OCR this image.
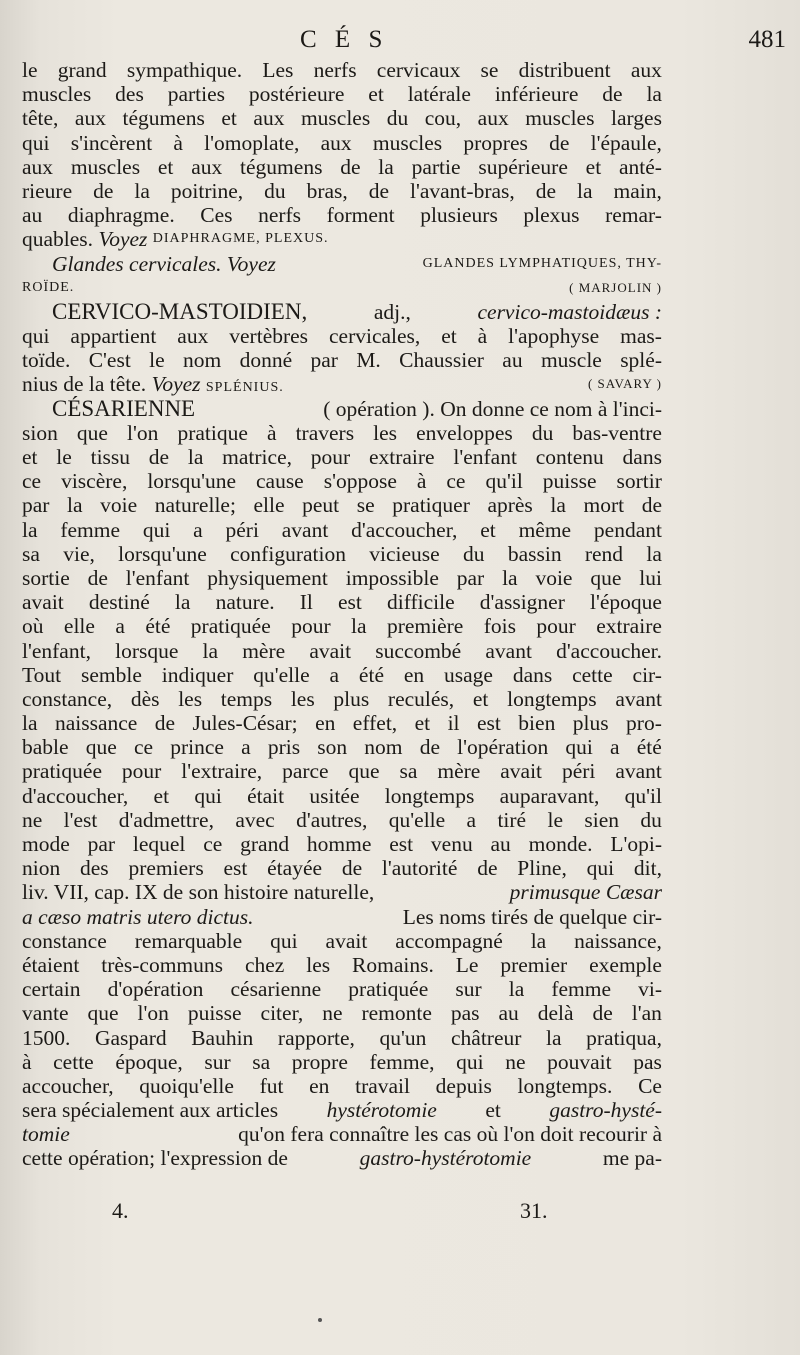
C É S	481
le grand sympathique. Les nerfs cervicaux se distribuent aux
muscles des parties postérieure et latérale inférieure de la
tête, aux tégumens et aux muscles du cou, aux muscles larges
qui s'incèrent à l'omoplate, aux muscles propres de l'épaule,
aux muscles et aux tégumens de la partie supérieure et anté-
rieure de la poitrine, du bras, de l'avant-bras, de la main,
au diaphragme. Ces nerfs forment plusieurs plexus remar-
quables.
Voyez
DIAPHRAGME, PLEXUS.
Glandes cervicales. Voyez	GLANDES LYMPHATIQUES, THY-
ROÏDE.	( MARJOLIN )
CERVICO-MASTOIDIEN,	adj.,	cervico-mastoidæus :
qui appartient aux vertèbres cervicales, et à l'apophyse mas-
toïde. C'est le nom donné par M. Chaussier au muscle splé-
nius de la tête. Voyez SPLÉNIUS.	( SAVARY )
CÉSARIENNE
	( opération ). On donne ce nom à l'inci-
sion que l'on pratique à travers les enveloppes du bas-ventre
et le tissu de la matrice, pour extraire l'enfant contenu dans
ce viscère, lorsqu'une cause s'oppose à ce qu'il puisse sortir
par la voie naturelle; elle peut se pratiquer après la mort de
la femme qui a péri avant d'accoucher, et même pendant
sa vie, lorsqu'une configuration vicieuse du bassin rend la
sortie de l'enfant physiquement impossible par la voie que lui
avait destiné la nature. Il est difficile d'assigner l'époque
où elle a été pratiquée pour la première fois pour extraire
l'enfant, lorsque la mère avait succombé avant d'accoucher.
Tout semble indiquer qu'elle a été en usage dans cette cir-
constance, dès les temps les plus reculés, et longtemps avant
la naissance de Jules-César; en effet, et il est bien plus pro-
bable que ce prince a pris son nom de l'opération qui a été
pratiquée pour l'extraire, parce que sa mère avait péri avant
d'accoucher, et qui était usitée longtemps auparavant, qu'il
ne l'est d'admettre, avec d'autres, qu'elle a tiré le sien du
mode par lequel ce grand homme est venu au monde. L'opi-
nion des premiers est étayée de l'autorité de Pline, qui dit,
liv. VII, cap. IX de son histoire naturelle,	primusque Cæsar
a cæso matris utero dictus.	Les noms tirés de quelque cir-
constance remarquable qui avait accompagné la naissance,
étaient très-communs chez les Romains. Le premier exemple
certain d'opération césarienne pratiquée sur la femme vi-
vante que l'on puisse citer, ne remonte pas au delà de l'an
1500. Gaspard Bauhin rapporte, qu'un châtreur la pratiqua,
à cette époque, sur sa propre femme, qui ne pouvait pas
accoucher, quoiqu'elle fut en travail depuis longtemps. Ce
sera spécialement aux articles hystérotomie et gastro-hysté-
tomie	qu'on fera connaître les cas où l'on doit recourir à
cette opération; l'expression de	gastro-hystérotomie	me pa-
4.	31.
